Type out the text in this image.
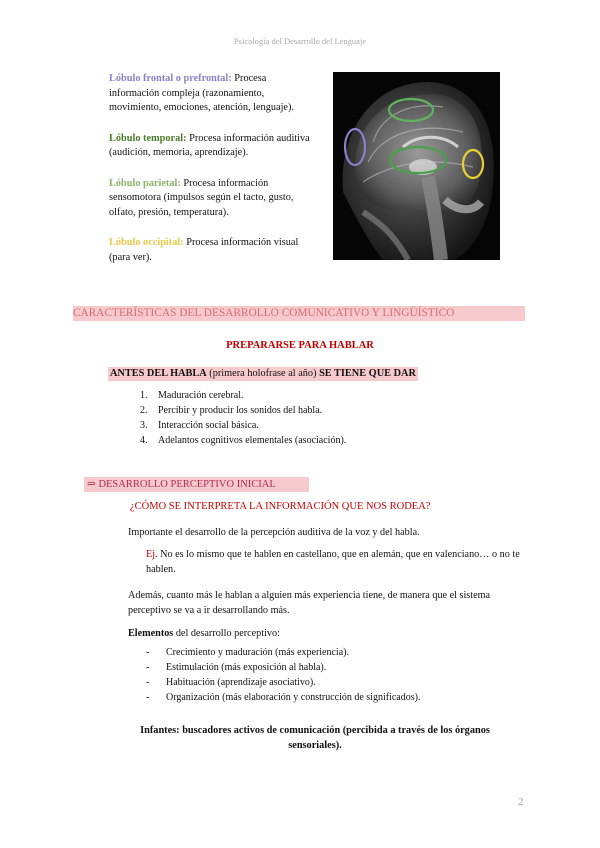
Psicología del Desarrollo del Lenguaje
Lóbulo frontal o prefrontal: Procesa información compleja (razonamiento, movimiento, emociones, atención, lenguaje).
Lóbulo temporal: Procesa información auditiva (audición, memoria, aprendizaje).
Lóbulo parietal: Procesa información sensomotora (impulsos según el tacto, gusto, olfato, presión, temperatura).
Lóbulo occipital: Procesa información visual (para ver).
CARACTERÍSTICAS DEL DESARROLLO COMUNICATIVO Y LINGÜÍSTICO
PREPARARSE PARA HABLAR
ANTES DEL HABLA (primera holofrase al año) SE TIENE QUE DAR
1. Maduración cerebral.
2. Percibir y producir los sonidos del habla.
3. Interacción social básica.
4. Adelantos cognitivos elementales (asociación).
⇒ DESARROLLO PERCEPTIVO INICIAL
¿CÓMO SE INTERPRETA LA INFORMACIÓN QUE NOS RODEA?
Importante el desarrollo de la percepción auditiva de la voz y del habla.
Ej. No es lo mismo que te hablen en castellano, que en alemán, que en valenciano… o no te hablen.
Además, cuanto más le hablan a alguien más experiencia tiene, de manera que el sistema perceptivo se va a ir desarrollando más.
Elementos del desarrollo perceptivo:
- Crecimiento y maduración (más experiencia).
- Estimulación (más exposición al habla).
- Habituación (aprendizaje asociativo).
- Organización (más elaboración y construcción de significados).
Infantes: buscadores activos de comunicación (percibida a través de los órganos sensoriales).
2
